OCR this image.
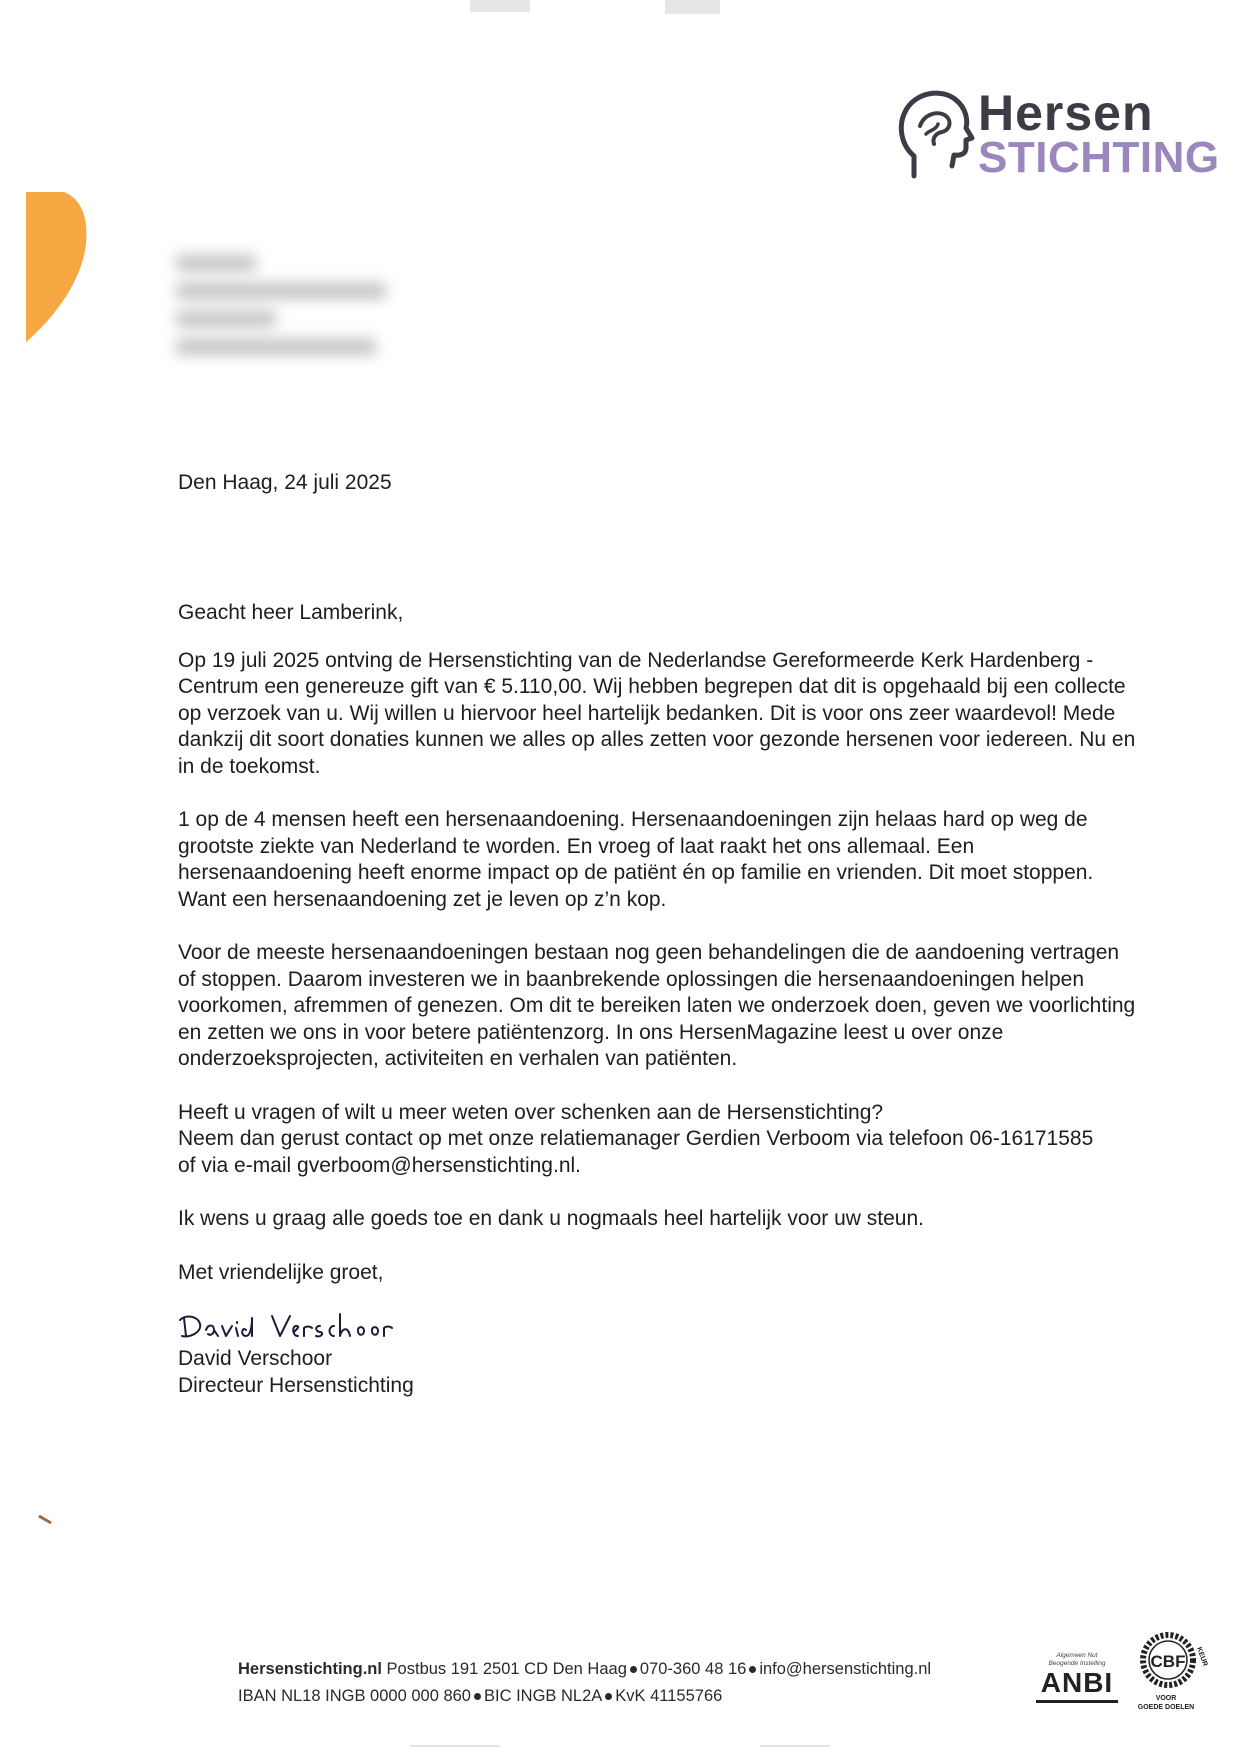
Hersen
STICHTING
Den Haag, 24 juli 2025

Geacht heer Lamberink,

Op 19 juli 2025 ontving de Hersenstichting van de Nederlandse Gereformeerde Kerk Hardenberg - Centrum een genereuze gift van € 5.110,00. Wij hebben begrepen dat dit is opgehaald bij een collecte op verzoek van u. Wij willen u hiervoor heel hartelijk bedanken. Dit is voor ons zeer waardevol! Mede dankzij dit soort donaties kunnen we alles op alles zetten voor gezonde hersenen voor iedereen. Nu en in de toekomst.

1 op de 4 mensen heeft een hersenaandoening. Hersenaandoeningen zijn helaas hard op weg de grootste ziekte van Nederland te worden. En vroeg of laat raakt het ons allemaal. Een hersenaandoening heeft enorme impact op de patiënt én op familie en vrienden. Dit moet stoppen. Want een hersenaandoening zet je leven op z’n kop.

Voor de meeste hersenaandoeningen bestaan nog geen behandelingen die de aandoening vertragen of stoppen. Daarom investeren we in baanbrekende oplossingen die hersenaandoeningen helpen voorkomen, afremmen of genezen. Om dit te bereiken laten we onderzoek doen, geven we voorlichting en zetten we ons in voor betere patiëntenzorg. In ons HersenMagazine leest u over onze onderzoeksprojecten, activiteiten en verhalen van patiënten.

Heeft u vragen of wilt u meer weten over schenken aan de Hersenstichting?
Neem dan gerust contact op met onze relatiemanager Gerdien Verboom via telefoon 06-16171585
of via e-mail gverboom@hersenstichting.nl.

Ik wens u graag alle goeds toe en dank u nogmaals heel hartelijk voor uw steun.

Met vriendelijke groet,

David Verschoor
Directeur Hersenstichting
Hersenstichting.nl Postbus 191 2501 CD Den Haag 070-360 48 16 info@hersenstichting.nl
IBAN NL18 INGB 0000 000 860 BIC INGB NL2A KvK 41155766
Algemeen Nut
Beogende Instelling
ANBI
CBF KEUR
VOOR
GOEDE DOELEN
